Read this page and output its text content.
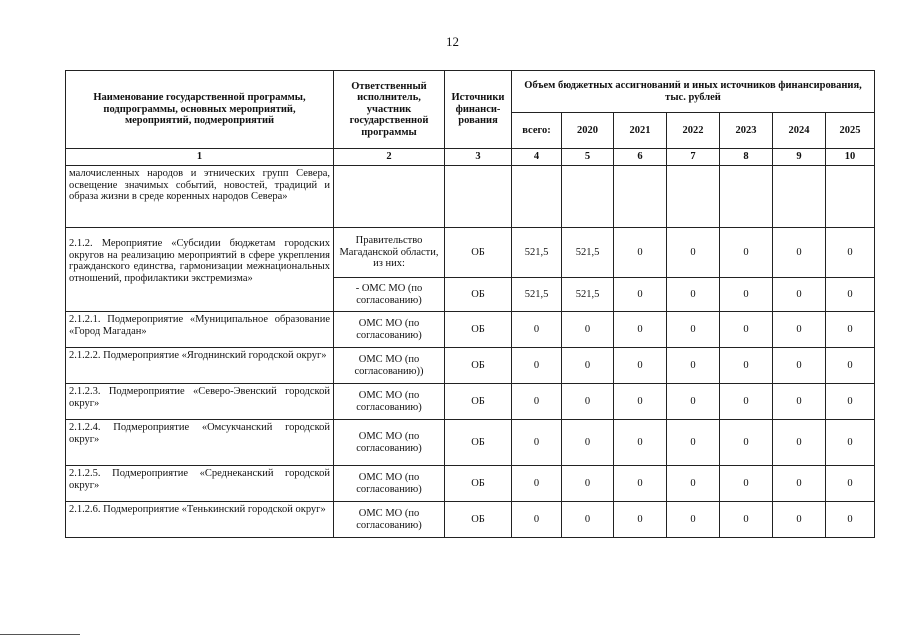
12
Наименование государственной программы, подпрограммы, основных мероприятий, мероприятий, подмероприятий	Ответственный исполнитель, участник государственной программы	Источники финанси-рования	Объем бюджетных ассигнований и иных источников финансирования, тыс. рублей						
			всего:	2020	2021	2022	2023	2024	2025
1	2	3	4	5	6	7	8	9	10
малочисленных народов и этнических групп Севера, освещение значимых событий, новостей, традиций и образа жизни в среде коренных народов Севера»									
2.1.2. Мероприятие «Субсидии бюджетам городских округов на реализацию мероприятий в сфере укрепления гражданского единства, гармонизации межнациональных отношений, профилактики экстремизма»	Правительство Магаданской области, из них:	ОБ	521,5	521,5	0	0	0	0	0
	- ОМС МО (по согласованию)	ОБ	521,5	521,5	0	0	0	0	0
2.1.2.1. Подмероприятие «Муниципальное образование «Город Магадан»	ОМС МО (по согласованию)	ОБ	0	0	0	0	0	0	0
2.1.2.2. Подмероприятие «Ягоднинский городской округ»	ОМС МО (по согласованию))	ОБ	0	0	0	0	0	0	0
2.1.2.3. Подмероприятие «Северо-Эвенский городской округ»	ОМС МО (по согласованию)	ОБ	0	0	0	0	0	0	0
2.1.2.4. Подмероприятие «Омсукчанский городской округ»	ОМС МО (по согласованию)	ОБ	0	0	0	0	0	0	0
2.1.2.5. Подмероприятие «Среднеканский городской округ»	ОМС МО (по согласованию)	ОБ	0	0	0	0	0	0	0
2.1.2.6. Подмероприятие «Тенькинский городской округ»	ОМС МО (по согласованию)	ОБ	0	0	0	0	0	0	0
